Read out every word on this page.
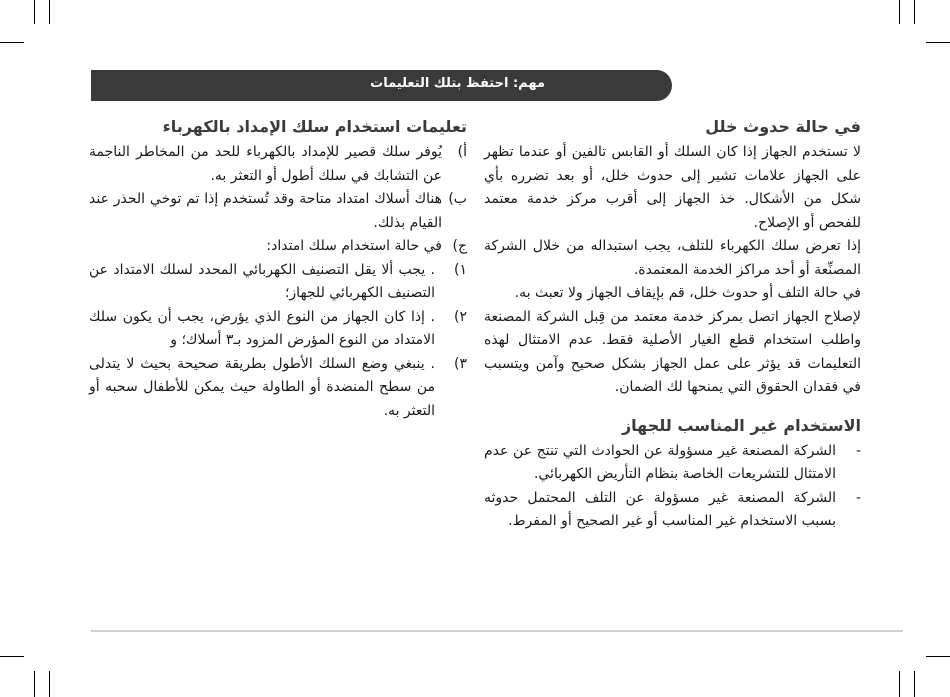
مهم: احتفظ بتلك التعليمات
في حالة حدوث خلل

لا تستخدم الجهاز إذا كان السلك أو القابس تالفين أو عندما تظهر على الجهاز علامات تشير إلى حدوث خلل، أو بعد تضرره بأي شكل من الأشكال. خذ الجهاز إلى أقرب مركز خدمة معتمد للفحص أو الإصلاح.

إذا تعرض سلك الكهرباء للتلف، يجب استبداله من خلال الشركة المصنِّعة أو أحد مراكز الخدمة المعتمدة.

في حالة التلف أو حدوث خلل، قم بإيقاف الجهاز ولا تعبث به.

لإصلاح الجهاز اتصل بمركز خدمة معتمد من قِبل الشركة المصنعة واطلب استخدام قطع الغيار الأصلية فقط. عدم الامتثال لهذه التعليمات قد يؤثر على عمل الجهاز بشكل صحيح وآمن ويتسبب في فقدان الحقوق التي يمنحها لك الضمان.

الاستخدام غير المناسب للجهاز
-
الشركة المصنعة غير مسؤولة عن الحوادث التي تنتج عن عدم الامتثال للتشريعات الخاصة بنظام التأريض الكهربائي.
-
الشركة المصنعة غير مسؤولة عن التلف المحتمل حدوثه بسبب الاستخدام غير المناسب أو غير الصحيح أو المفرط.
تعليمات استخدام سلك الإمداد بالكهرباء
أ)
يُوفر سلك قصير للإمداد بالكهرباء للحد من المخاطر الناجمة عن التشابك في سلك أطول أو التعثر به.
ب)
هناك أسلاك امتداد متاحة وقد تُستخدم إذا تم توخي الحذر عند القيام بذلك.
ج)
في حالة استخدام سلك امتداد:
١)
. يجب ألا يقل التصنيف الكهربائي المحدد لسلك الامتداد عن التصنيف الكهربائي للجهاز؛
٢)
. إذا كان الجهاز من النوع الذي يؤرض، يجب أن يكون سلك الامتداد من النوع المؤرض المزود بـ٣ أسلاك؛ و
٣)
. ينبغي وضع السلك الأطول بطريقة صحيحة بحيث لا يتدلى من سطح المنضدة أو الطاولة حيث يمكن للأطفال سحبه أو التعثر به.
